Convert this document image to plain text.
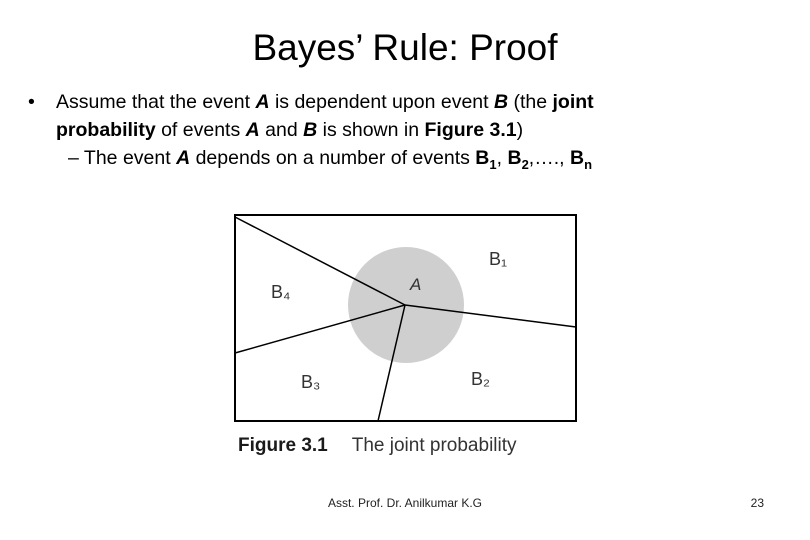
Bayes’ Rule: Proof
• Assume that the event A is dependent upon event B (the joint
probability of events A and B is shown in Figure 3.1)
– The event A depends on a number of events $B_1$, $B_2,\dots$., $B_n$
B₁
A
B₄
B₃	B₂
Figure 3.1 The joint probability
Asst. Prof. Dr. Anilkumar K.G	23
